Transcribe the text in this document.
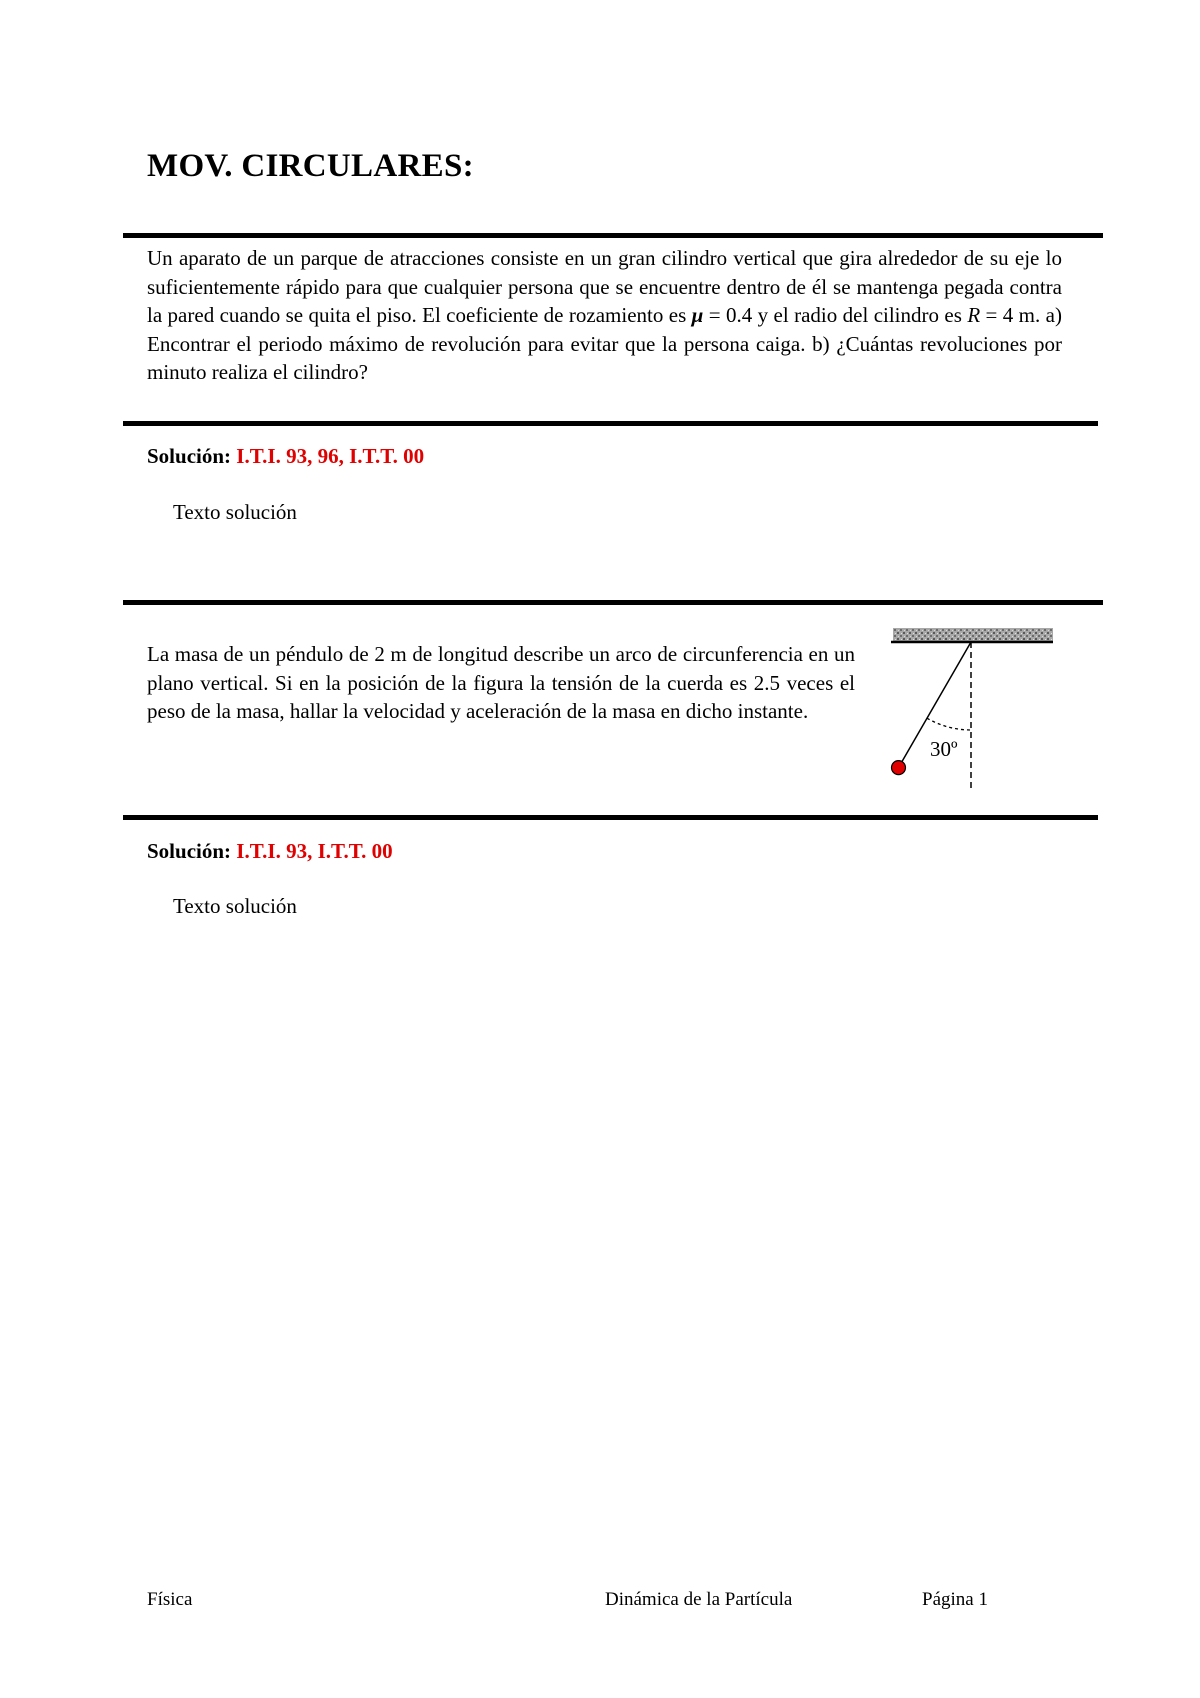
MOV. CIRCULARES:
Un aparato de un parque de atracciones consiste en un gran cilindro vertical que gira alrededor de su eje lo suficientemente rápido para que cualquier persona que se encuentre dentro de él se mantenga pegada contra la pared cuando se quita el piso. El coeficiente de rozamiento es μ = 0.4 y el radio del cilindro es R = 4 m. a) Encontrar el periodo máximo de revolución para evitar que la persona caiga. b) ¿Cuántas revoluciones por minuto realiza el cilindro?
Solución: I.T.I. 93, 96, I.T.T. 00
Texto solución
La masa de un péndulo de 2 m de longitud describe un arco de circunferencia en un plano vertical. Si en la posición de la figura la tensión de la cuerda es 2.5 veces el peso de la masa, hallar la velocidad y aceleración de la masa en dicho instante.
30º
Solución: I.T.I. 93, I.T.T. 00
Texto solución
Física	Dinámica de la Partícula	Página 1
